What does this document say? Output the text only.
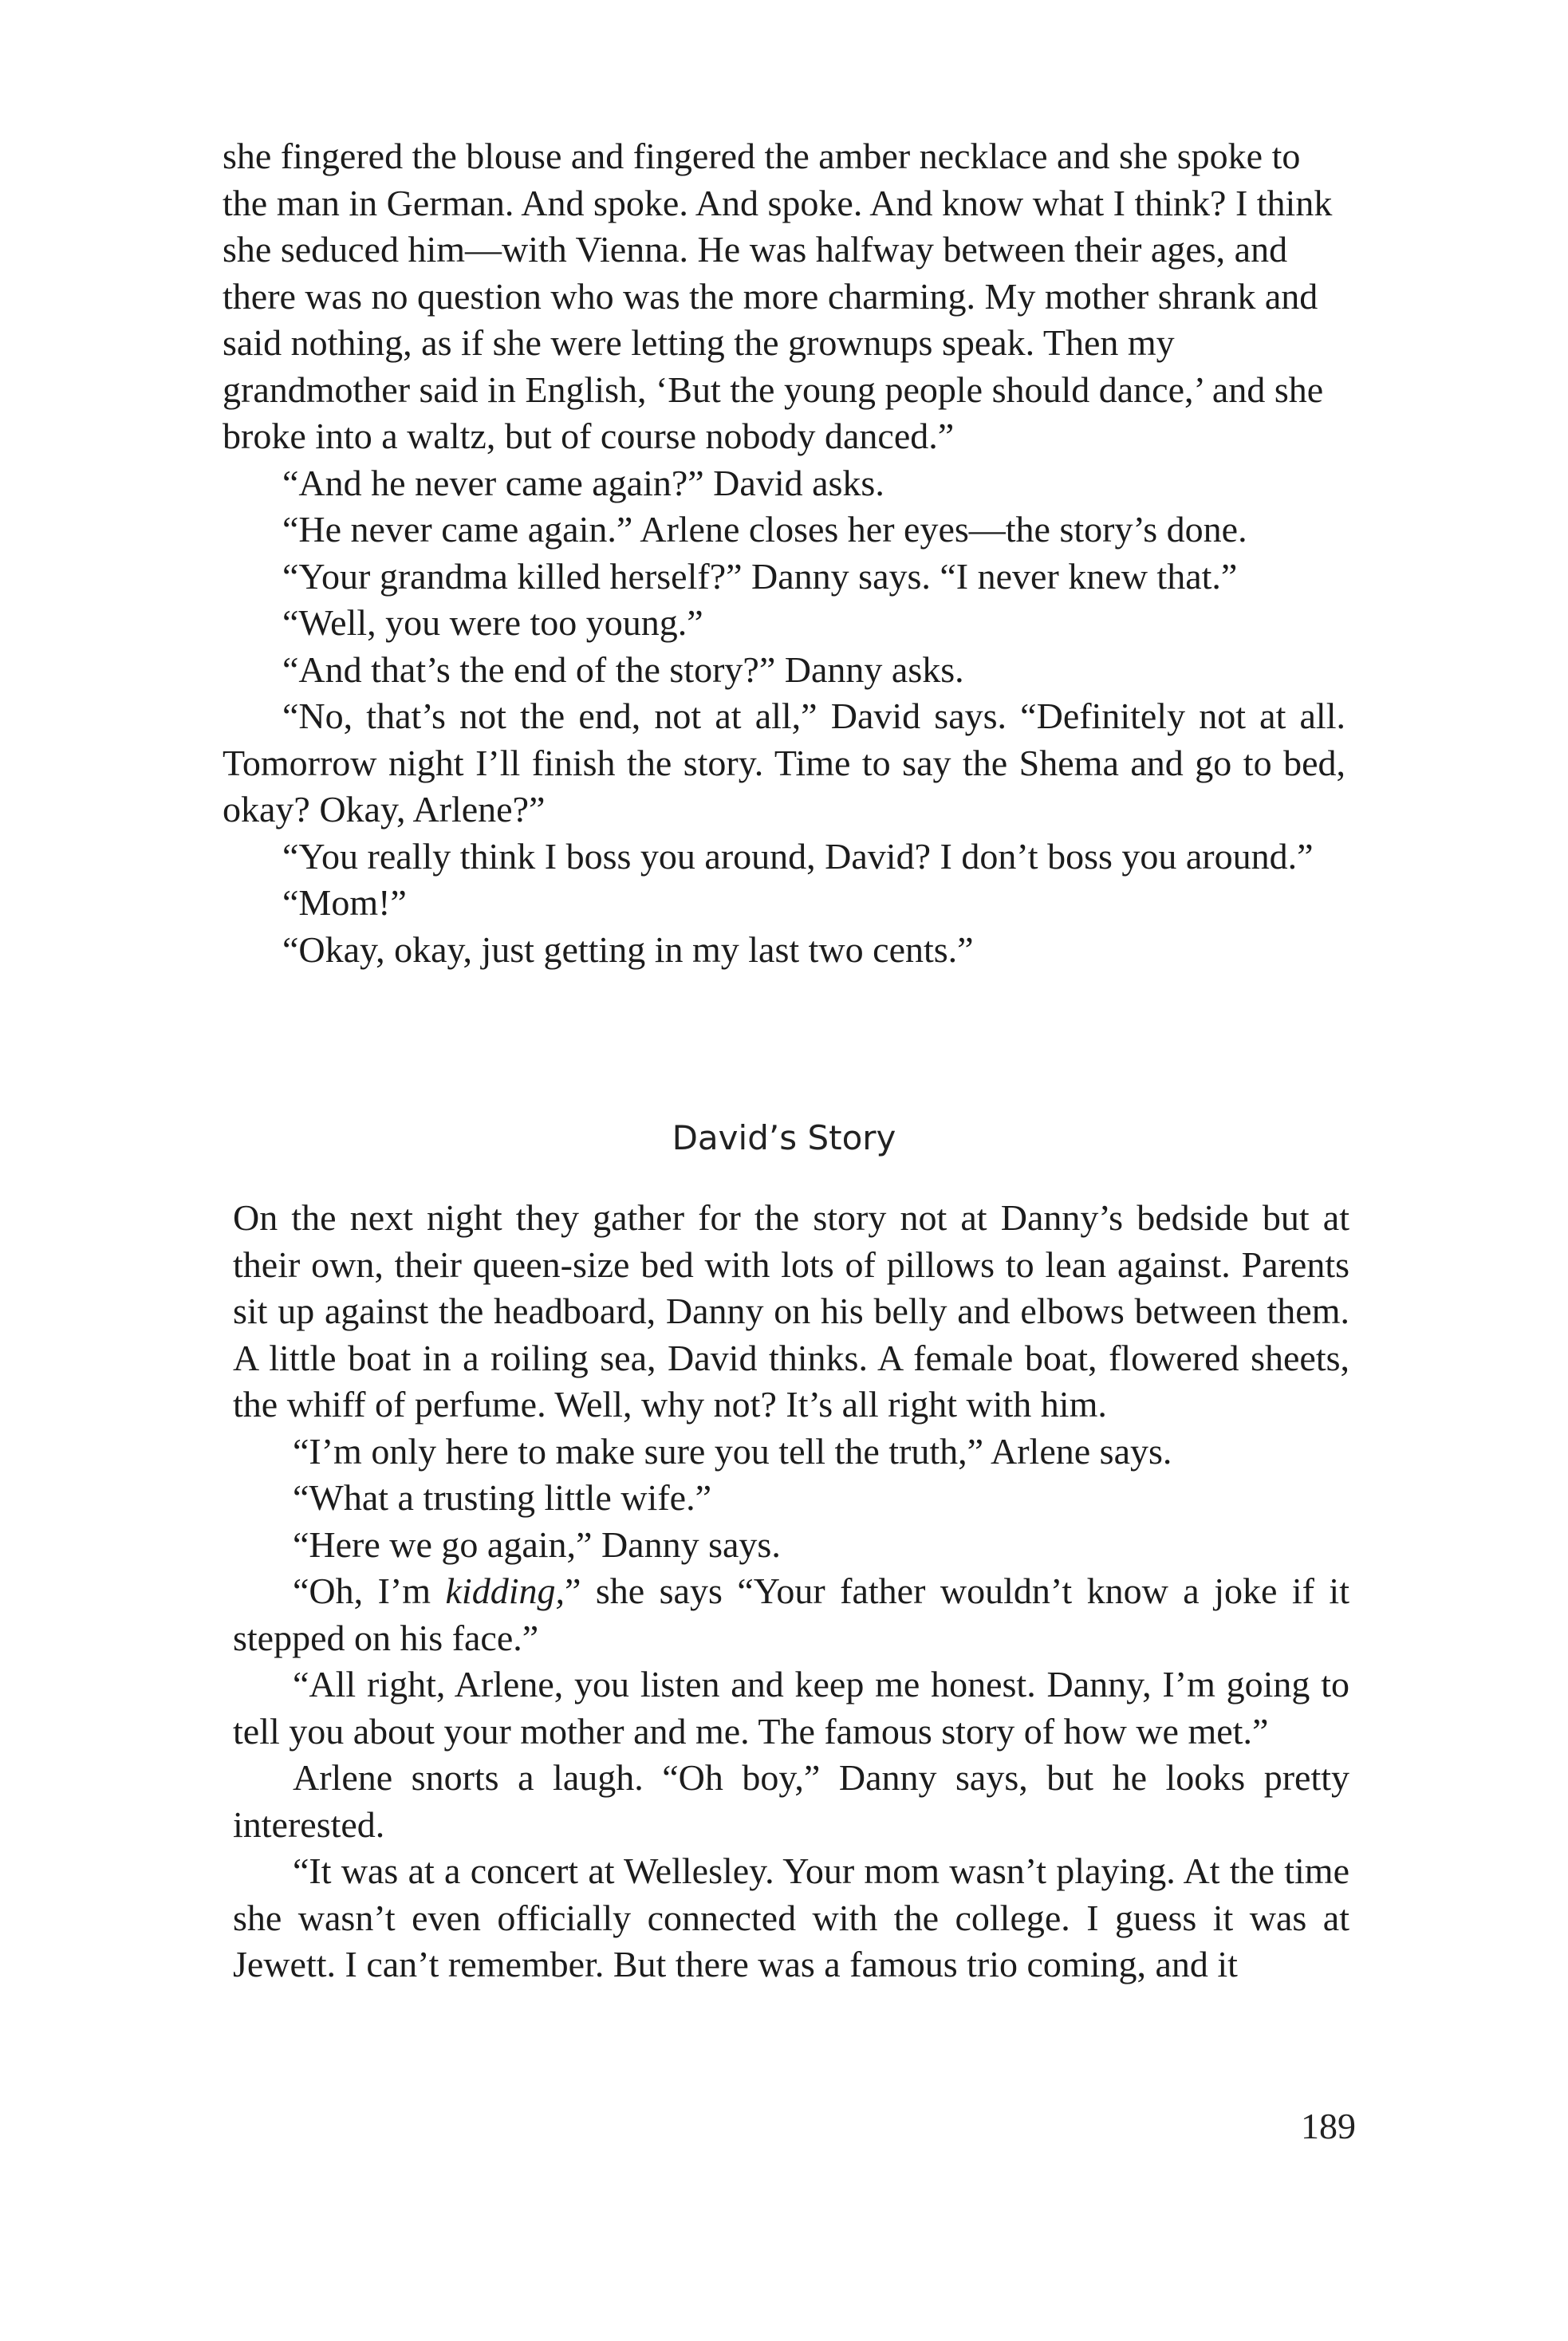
she fingered the blouse and fingered the amber necklace and she spoke to the man in German. And spoke. And spoke. And know what I think? I think she seduced him—with Vienna. He was halfway between their ages, and there was no question who was the more charming. My mother shrank and said nothing, as if she were letting the grownups speak. Then my grandmother said in English, ‘But the young people should dance,’ and she broke into a waltz, but of course nobody danced.”

“And he never came again?” David asks.

“He never came again.” Arlene closes her eyes—the story’s done.

“Your grandma killed herself?” Danny says. “I never knew that.”

“Well, you were too young.”

“And that’s the end of the story?” Danny asks.

“No, that’s not the end, not at all,” David says. “Definitely not at all. Tomorrow night I’ll finish the story. Time to say the Shema and go to bed, okay? Okay, Arlene?”

“You really think I boss you around, David? I don’t boss you around.”

“Mom!”

“Okay, okay, just getting in my last two cents.”

David’s Story

On the next night they gather for the story not at Danny’s bedside but at their own, their queen-size bed with lots of pillows to lean against. Parents sit up against the headboard, Danny on his belly and elbows between them. A little boat in a roiling sea, David thinks. A female boat, flowered sheets, the whiff of perfume. Well, why not? It’s all right with him.

“I’m only here to make sure you tell the truth,” Arlene says.

“What a trusting little wife.”

“Here we go again,” Danny says.

“Oh, I’m kidding,” she says “Your father wouldn’t know a joke if it stepped on his face.”

“All right, Arlene, you listen and keep me honest. Danny, I’m going to tell you about your mother and me. The famous story of how we met.”

Arlene snorts a laugh. “Oh boy,” Danny says, but he looks pretty interested.

“It was at a concert at Wellesley. Your mom wasn’t playing. At the time she wasn’t even officially connected with the college. I guess it was at Jewett. I can’t remember. But there was a famous trio coming, and it

189
